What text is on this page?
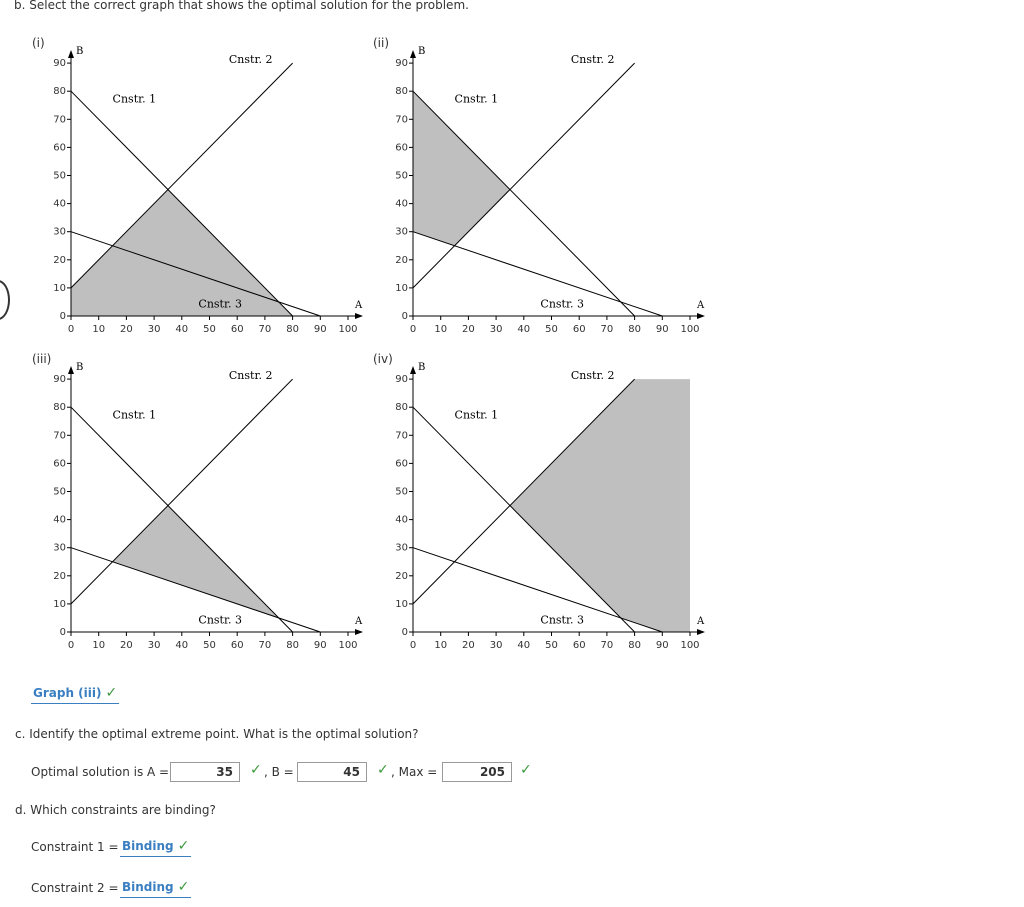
b. Select the correct graph that shows the optimal solution for the problem.
(i)	(ii)
(iii)	(iv)
B
A
0
10
20
30
40
50
60
70
80
90
0 10 20 30 40 50 60 70 80 90 100
Cnstr. 1
Cnstr. 2
Cnstr. 3
B
A
0
10
20
30
40
50
60
70
80
90
0 10 20 30 40 50 60 70 80 90 100
Cnstr. 1
Cnstr. 2
Cnstr. 3
B
A
0
10
20
30
40
50
60
70
80
90
0 10 20 30 40 50 60 70 80 90 100
Cnstr. 1
Cnstr. 2
Cnstr. 3
B
A
0
10
20
30
40
50
60
70
80
90
0 10 20 30 40 50 60 70 80 90 100
Cnstr. 1
Cnstr. 2
Cnstr. 3
Graph (iii) ✓
c. Identify the optimal extreme point. What is the optimal solution?
Optimal solution is A =	35	✓ , B =	45	✓ , Max =	205	✓
d. Which constraints are binding?
Constraint 1 = Binding ✓
Constraint 2 = Binding ✓
